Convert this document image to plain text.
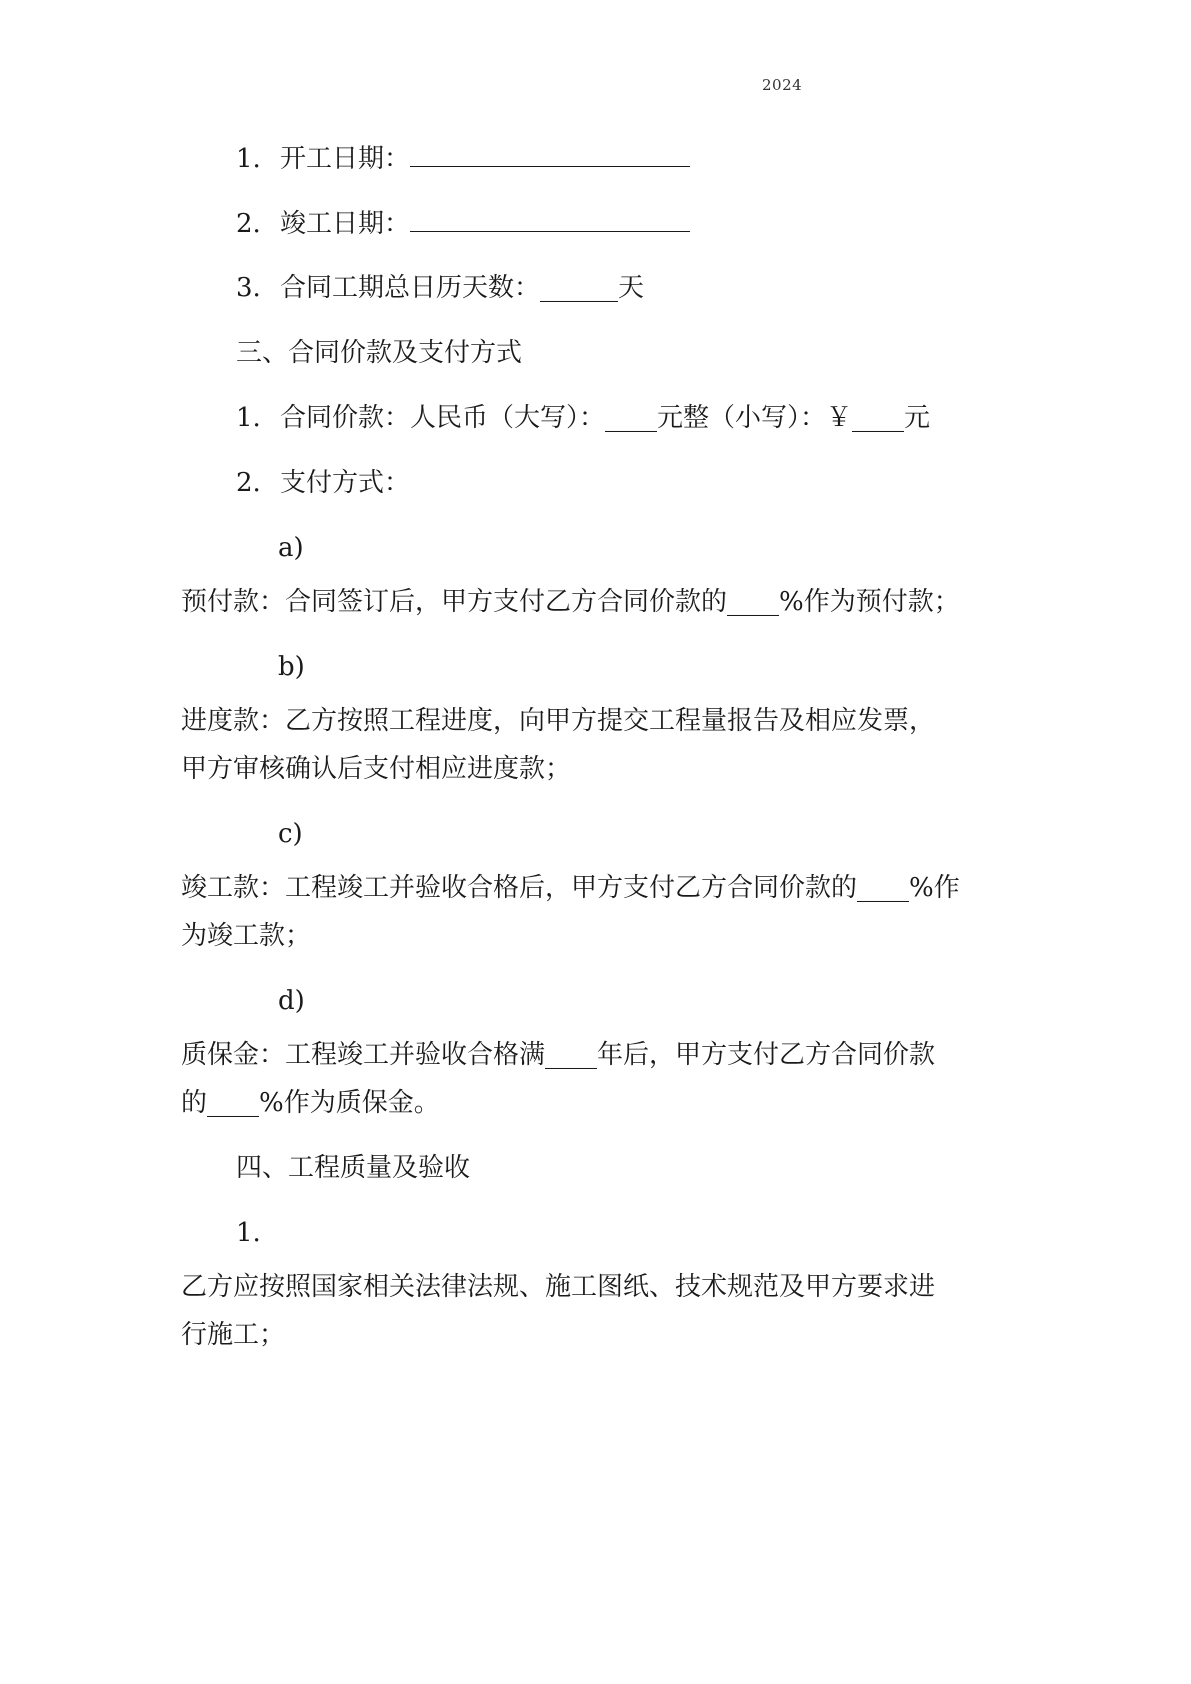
2024
1. 开工日期：
2. 竣工日期：
3. 合同工期总日历天数：______天
三、合同价款及支付方式
1. 合同价款：人民币（大写）：____元整（小写）：￥____元
2. 支付方式：
a)
预付款：合同签订后，甲方支付乙方合同价款的____%作为预付款；
b)
进度款：乙方按照工程进度，向甲方提交工程量报告及相应发票，
甲方审核确认后支付相应进度款；
c)
竣工款：工程竣工并验收合格后，甲方支付乙方合同价款的____%作
为竣工款；
d)
质保金：工程竣工并验收合格满____年后，甲方支付乙方合同价款
的____%作为质保金。
四、工程质量及验收
1.
乙方应按照国家相关法律法规、施工图纸、技术规范及甲方要求进
行施工；
